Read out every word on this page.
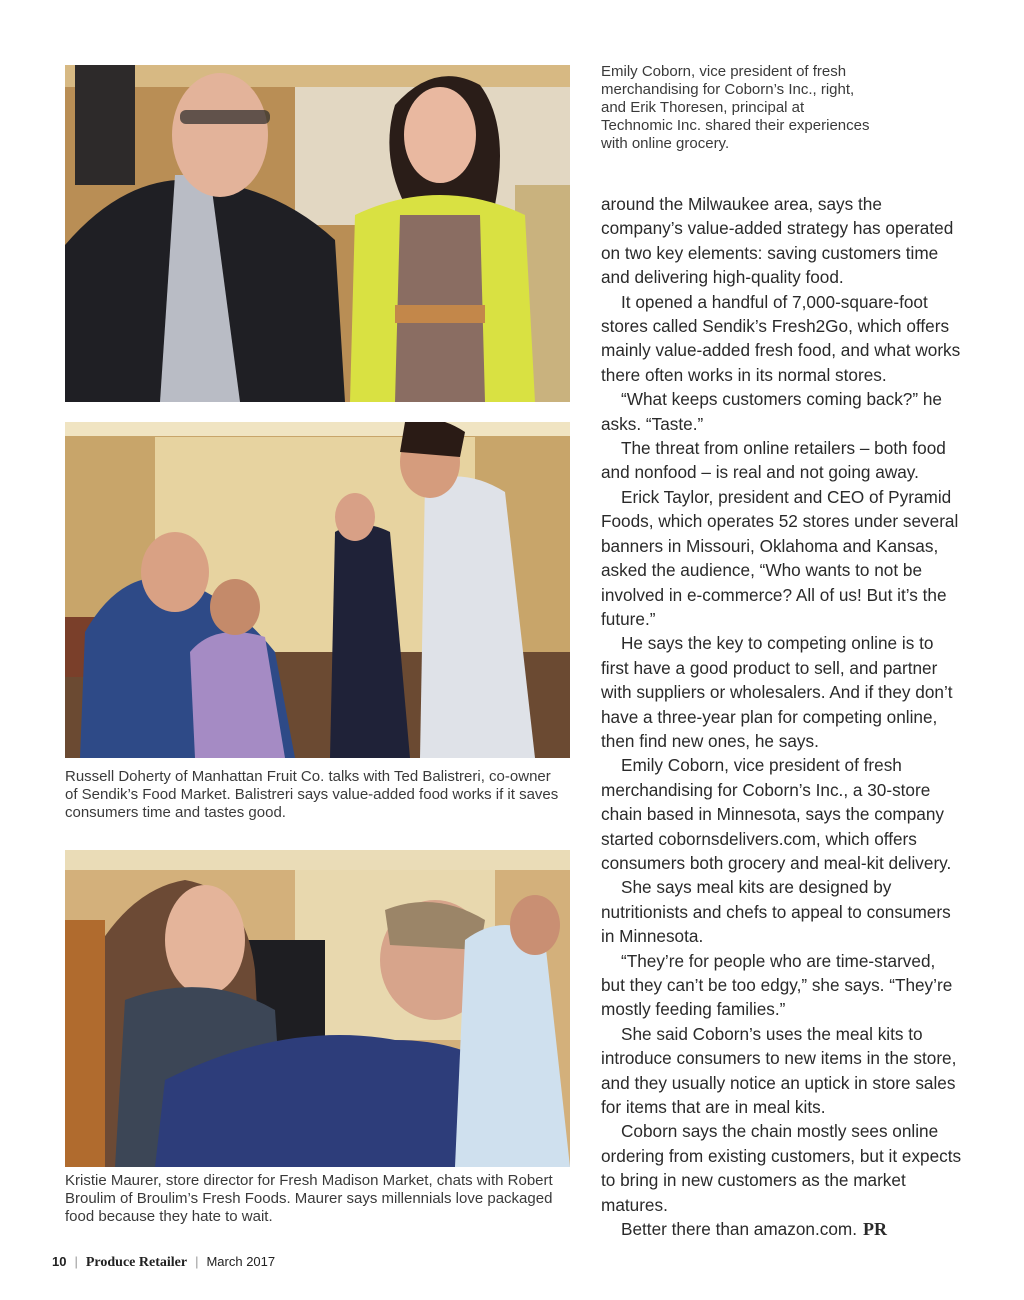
Emily Coborn, vice president of fresh merchandising for Coborn’s Inc., right, and Erik Thoresen, principal at Technomic Inc. shared their experiences with online grocery.

Russell Doherty of Manhattan Fruit Co. talks with Ted Balistreri, co-owner of Sendik’s Food Market. Balistreri says value-added food works if it saves consumers time and tastes good.

Kristie Maurer, store director for Fresh Madison Market, chats with Robert Broulim of Broulim’s Fresh Foods. Maurer says millennials love packaged food because they hate to wait.

around the Milwaukee area, says the company’s value-added strategy has operated on two key elements: saving customers time and delivering high-quality food.

It opened a handful of 7,000-square-foot stores called Sendik’s Fresh2Go, which offers mainly value-added fresh food, and what works there often works in its normal stores.

“What keeps customers coming back?” he asks. “Taste.”

The threat from online retailers – both food and nonfood – is real and not going away.

Erick Taylor, president and CEO of Pyramid Foods, which operates 52 stores under several banners in Missouri, Oklahoma and Kansas, asked the audience, “Who wants to not be involved in e-commerce? All of us! But it’s the future.”

He says the key to competing online is to first have a good product to sell, and partner with suppliers or wholesalers. And if they don’t have a three-year plan for competing online, then find new ones, he says.

Emily Coborn, vice president of fresh merchandising for Coborn’s Inc., a 30-store chain based in Minnesota, says the company started cobornsdelivers.com, which offers consumers both grocery and meal-kit delivery.

She says meal kits are designed by nutritionists and chefs to appeal to consumers in Minnesota.

“They’re for people who are time-starved, but they can’t be too edgy,” she says. “They’re mostly feeding families.”

She said Coborn’s uses the meal kits to introduce consumers to new items in the store, and they usually notice an uptick in store sales for items that are in meal kits.

Coborn says the chain mostly sees online ordering from existing customers, but it expects to bring in new customers as the market matures.

Better there than amazon.com. PR

10 | Produce Retailer | March 2017
